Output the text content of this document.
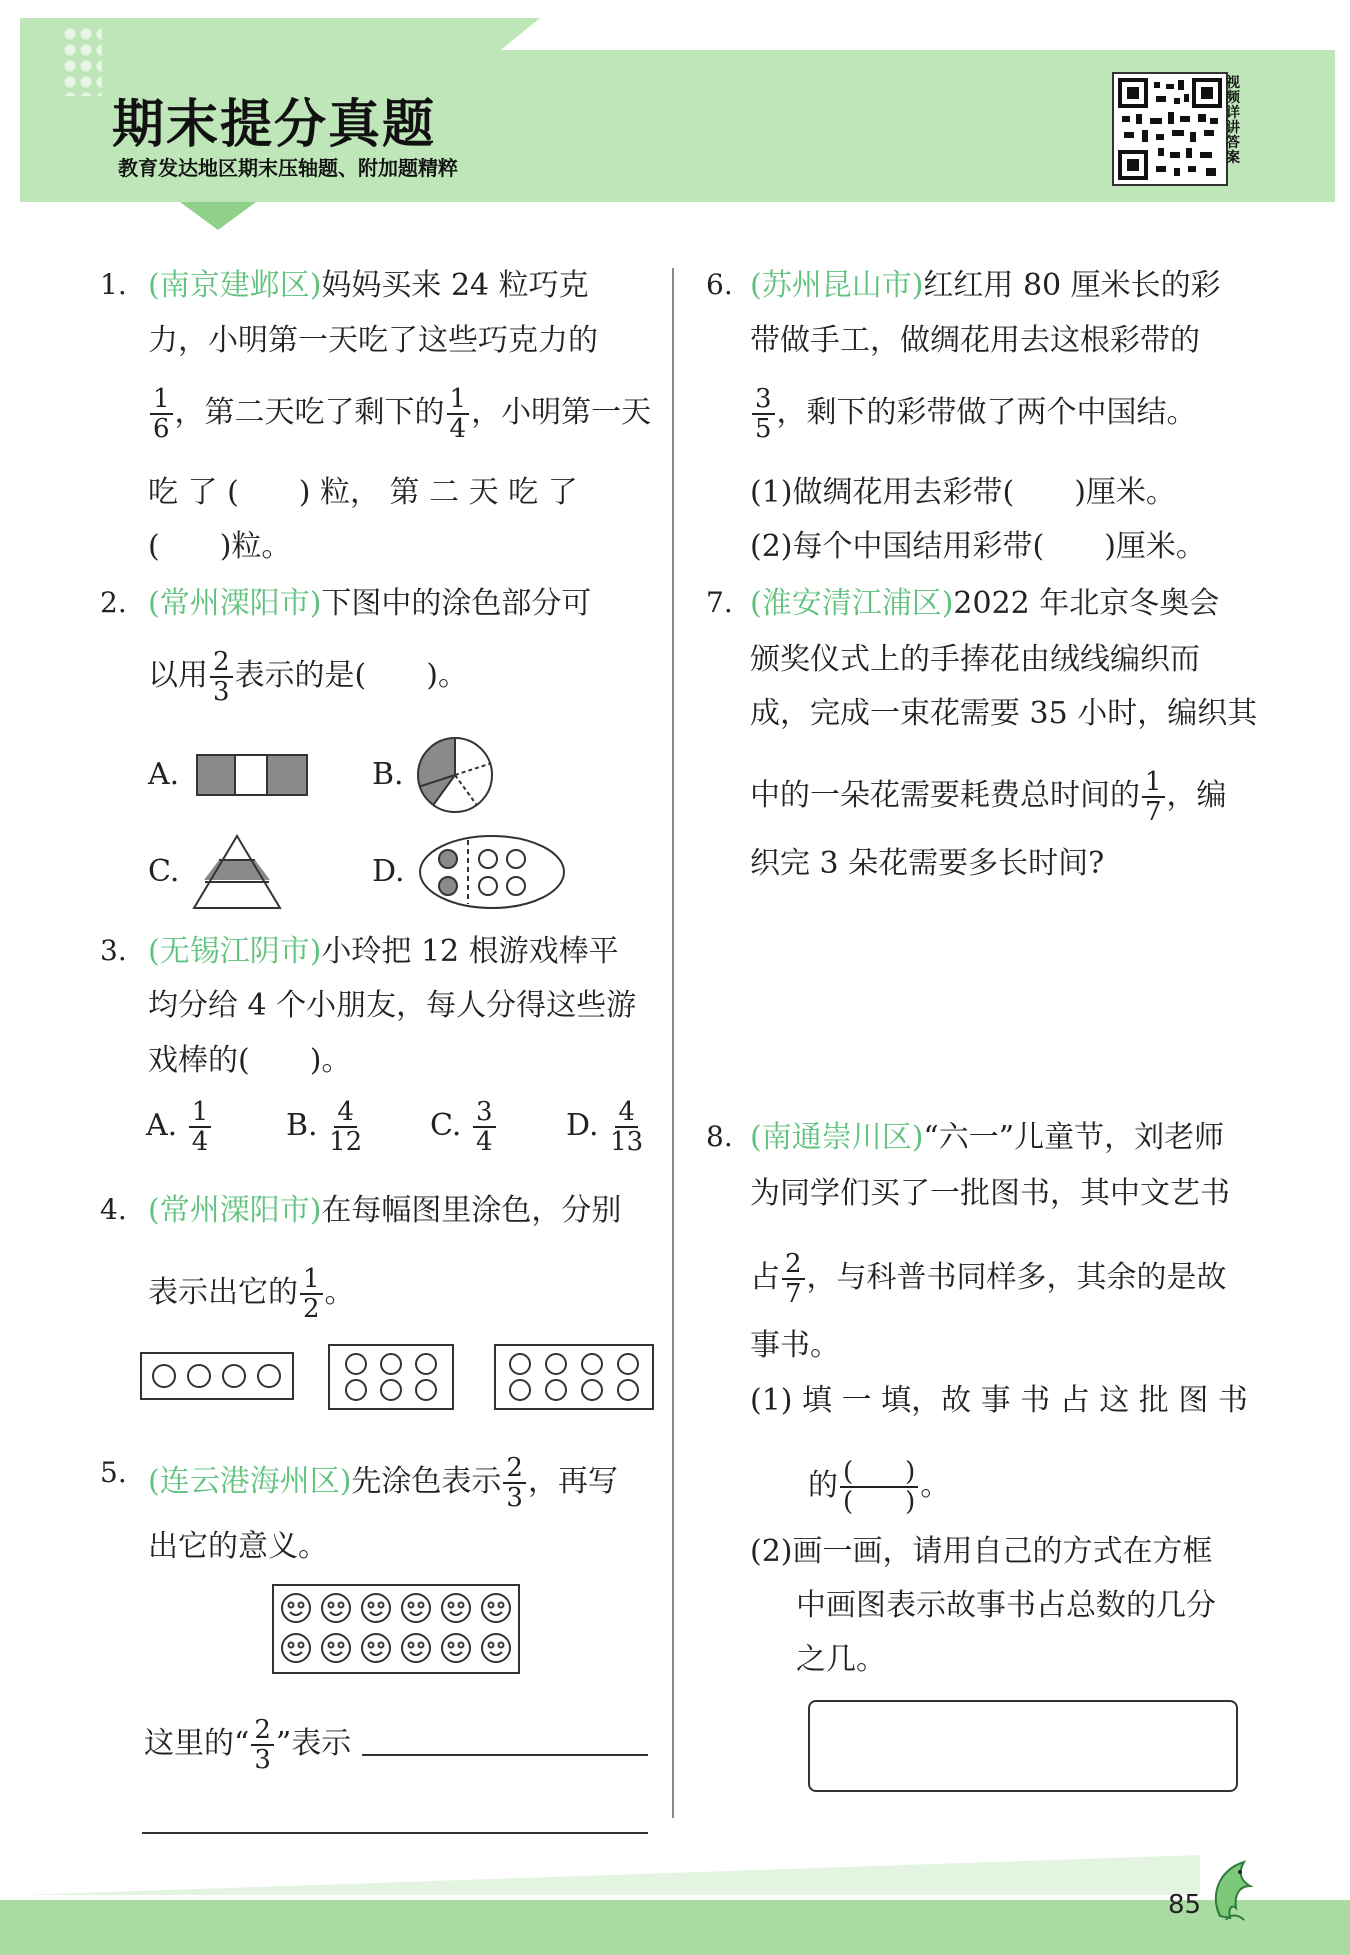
期末提分真题
教育发达地区期末压轴题、附加题精粹
视频详讲答案
1. (南京建邺区)妈妈买来 24 粒巧克
力，小明第一天吃了这些巧克力的
$\frac{1}{6}$ ，第二天吃了剩下的 $\frac{1}{4}$ ，小明第一天
吃 了 (　　) 粒， 第 二 天 吃 了
(　　)粒。
2. (常州溧阳市)下图中的涂色部分可
以用 $\frac{2}{3}$ 表示的是(　　)。
A.	B.
C.	D.
3. (无锡江阴市)小玲把 12 根游戏棒平
均分给 4 个小朋友，每人分得这些游
戏棒的(　　)。
A. $\frac{1}{4} B$. $\frac{4}{12} C$. $\frac{3}{4} D$. $\frac{4}{13}$
4. (常州溧阳市)在每幅图里涂色，分别
表示出它的 $\frac{1}{2}$ 。
5. (连云港海州区)先涂色表示 $\frac{2}{3}$ ，再写
出它的意义。
这里的“ $\frac{2}{3}$ ”表示
6. (苏州昆山市)红红用 80 厘米长的彩
带做手工，做绸花用去这根彩带的
$\frac{3}{5}$ ，剩下的彩带做了两个中国结。
(1)做绸花用去彩带(　　)厘米。
(2)每个中国结用彩带(　　)厘米。
7. (淮安清江浦区)2022 年北京冬奥会
颁奖仪式上的手捧花由绒线编织而
成，完成一束花需要 35 小时，编织其
中的一朵花需要耗费总时间的 $\frac{1}{7}$ ，编
织完 3 朵花需要多长时间?
8. (南通崇川区)“六一”儿童节，刘老师
为同学们买了一批图书，其中文艺书
占 $\frac{2}{7}$ ，与科普书同样多，其余的是故
事书。
(1) 填 一 填，故 事 书 占 这 批 图 书
的 $\frac{( )}{( )}$ 。
(2)画一画，请用自己的方式在方框
中画图表示故事书占总数的几分
之几。
85
